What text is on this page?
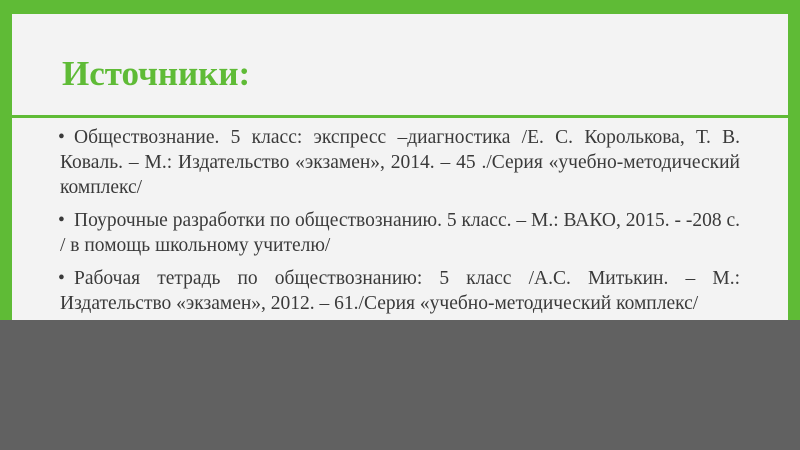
Источники:
• Обществознание. 5 класс: экспресс –диагностика /Е. С. Королькова, Т. В. Коваль. – М.: Издательство «экзамен», 2014. – 45 ./Серия «учебно-методический комплекс/
• Поурочные разработки по обществознанию. 5 класс. – М.: ВАКО, 2015. - -208 с. / в помощь школьному учителю/
• Рабочая тетрадь по обществознанию: 5 класс /А.С. Митькин. – М.: Издательство «экзамен», 2012. – 61./Серия «учебно-методический комплекс/
